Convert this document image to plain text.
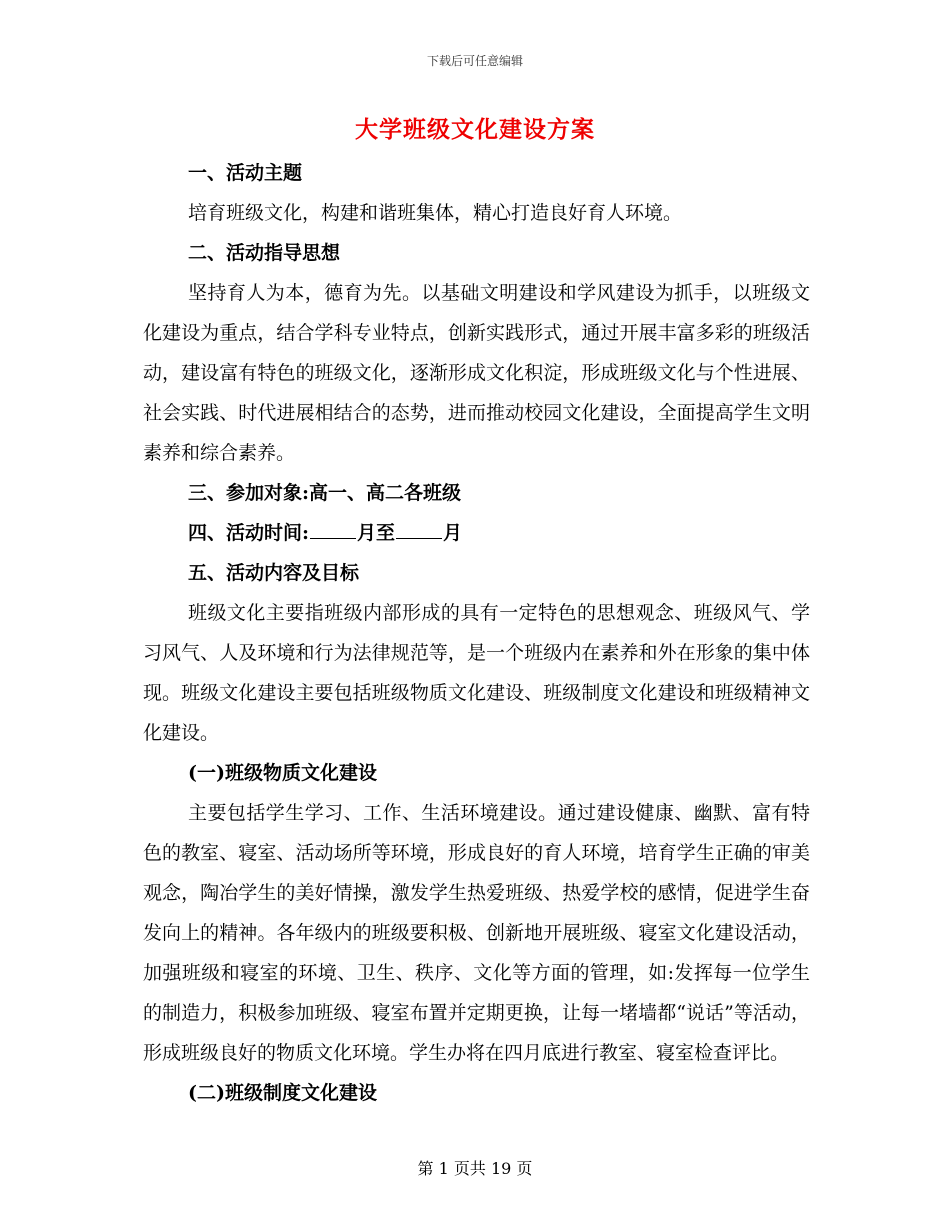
下载后可任意编辑
大学班级文化建设方案

一、活动主题

培育班级文化，构建和谐班集体，精心打造良好育人环境。

二、活动指导思想

坚持育人为本，德育为先。以基础文明建设和学风建设为抓手，以班级文化建设为重点，结合学科专业特点，创新实践形式，通过开展丰富多彩的班级活动，建设富有特色的班级文化，逐渐形成文化积淀，形成班级文化与个性进展、社会实践、时代进展相结合的态势，进而推动校园文化建设，全面提高学生文明素养和综合素养。

三、参加对象:高一、高二各班级

四、活动时间:	月至	月

五、活动内容及目标

班级文化主要指班级内部形成的具有一定特色的思想观念、班级风气、学习风气、人及环境和行为法律规范等，是一个班级内在素养和外在形象的集中体现。班级文化建设主要包括班级物质文化建设、班级制度文化建设和班级精神文化建设。

(一)班级物质文化建设

主要包括学生学习、工作、生活环境建设。通过建设健康、幽默、富有特色的教室、寝室、活动场所等环境，形成良好的育人环境，培育学生正确的审美观念，陶冶学生的美好情操，激发学生热爱班级、热爱学校的感情，促进学生奋发向上的精神。各年级内的班级要积极、创新地开展班级、寝室文化建设活动，加强班级和寝室的环境、卫生、秩序、文化等方面的管理，如:发挥每一位学生的制造力，积极参加班级、寝室布置并定期更换，让每一堵墙都“说话”等活动，形成班级良好的物质文化环境。学生办将在四月底进行教室、寝室检查评比。

(二)班级制度文化建设

第 1 页共 19 页
